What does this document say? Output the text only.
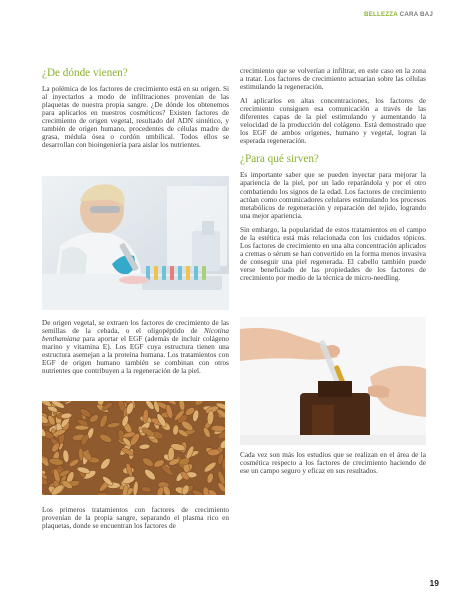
BELLEZZA CARA BAJ
¿De dónde vienen?

La polémica de los factores de crecimiento está en su origen. Si al inyectarlos a modo de infiltraciones provenían de las plaquetas de nuestra propia sangre. ¿De dónde los obtenemos para aplicarlos en nuestros cosméticos? Existen factores de crecimiento de origen vegetal, resultado del ADN sintético, y también de origen humano, procedentes de células madre de grasa, médula ósea o cordón umbilical. Todos ellos se desarrollan con bioingeniería para aislar los nutrientes.

De origen vegetal, se extraen los factores de crecimiento de las semillas de la cebada, o el oligopéptido de Nicotina benthamiana para aportar el EGF (además de incluir colágeno marino y vitamina E). Los EGF cuya estructura tienen una estructura asemejan a la proteína humana. Los tratamientos con EGF de origen humano también se combinan con otros nutrientes que contribuyen a la regeneración de la piel.

Los primeros tratamientos con factores de crecimiento provenían de la propia sangre, separando el plasma rico en plaquetas, donde se encuentran los factores de

crecimiento que se volverían a infiltrar, en este caso en la zona a tratar. Los factores de crecimiento actuarían sobre las células estimulando la regeneración.

Al aplicarlos en altas concentraciones, los factores de crecimiento consiguen esa comunicación a través de las diferentes capas de la piel estimulando y aumentando la velocidad de la producción del colágeno. Está demostrado que los EGF de ambos orígenes, humano y vegetal, logran la esperada regeneración.

¿Para qué sirven?

Es importante saber que se pueden inyectar para mejorar la apariencia de la piel, por un lado reparándola y por el otro combatiendo los signos de la edad. Los factores de crecimiento actúan como comunicadores celulares estimulando los procesos metabólicos de regeneración y reparación del tejido, logrando una mejor apariencia.

Sin embargo, la popularidad de estos tratamientos en el campo de la estética está más relacionada con los cuidados tópicos. Los factores de crecimiento en una alta concentración aplicados a cremas o sérum se han convertido en la forma menos invasiva de conseguir una piel regenerada. El cabello también puede verse beneficiado de las propiedades de los factores de crecimiento por medio de la técnica de micro-needling.

Cada vez son más los estudios que se realizan en el área de la cosmética respecto a los factores de crecimiento haciendo de ese un campo seguro y eficaz en sus resultados.

19
